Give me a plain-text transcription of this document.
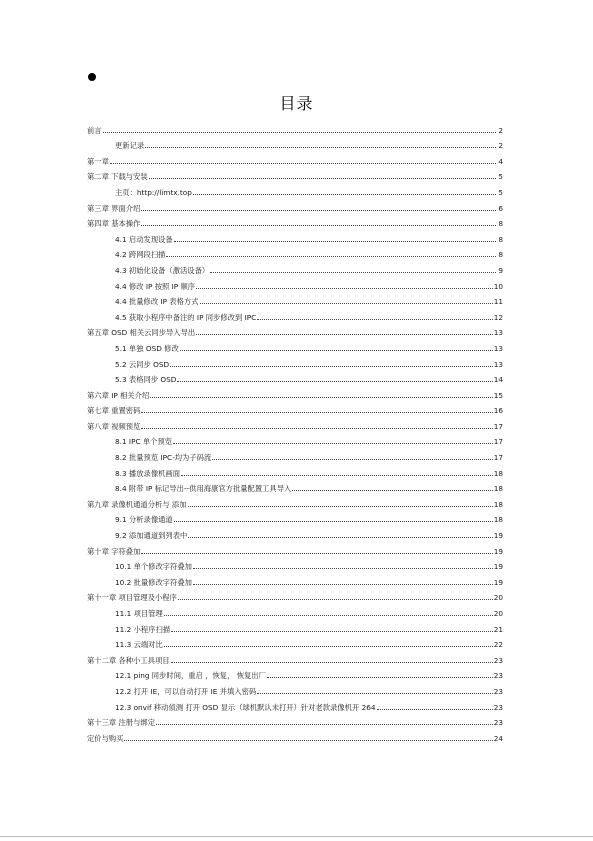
目录
前言	2
更新记录	2
第一章	4
第二章 下载与安装	5
主页：http://limtx.top	5
第三章 界面介绍	6
第四章 基本操作	8
4.1 启动发现设备	8
4.2 跨网段扫描	8
4.3 初始化设备（激活设备）	9
4.4 修改 IP 按照 IP 顺序	10
4.4 批量修改 IP 表格方式	11
4.5 获取小程序中备注的 IP 同步修改到 IPC	12
第五章 OSD 相关云同步导入导出	13
5.1 单独 OSD 修改	13
5.2 云同步 OSD	13
5.3 表格同步 OSD	14
第六章 IP 相关介绍	15
第七章 重置密码	16
第八章 视频预览	17
8.1 IPC 单个预览	17
8.2 批量预览 IPC-均为子码流	17
8.3 播放录像机画面	18
8.4 附带 IP 标记导出--供用海康官方批量配置工具导入	18
第九章 录像机通道分析与 添加	18
9.1 分析录像通道	18
9.2 添加通道到列表中	19
第十章 字符叠加	19
10.1 单个修改字符叠加	19
10.2 批量修改字符叠加	19
第十一章 项目管理及小程序	20
11.1 项目管理	20
11.2 小程序扫描	21
11.3 云端对比	22
第十二章 各种小工具项目	23
12.1 ping 同步时间，重启 ，恢复， 恢复出厂	23
12.2 打开 IE，可以自动打开 IE 并填入密码	23
12.3 onvif 移动侦测 打开 OSD 显示（球机默认未打开）针对老款录像机开 264	23
第十三章 注册与绑定	23
定价与购买	24
